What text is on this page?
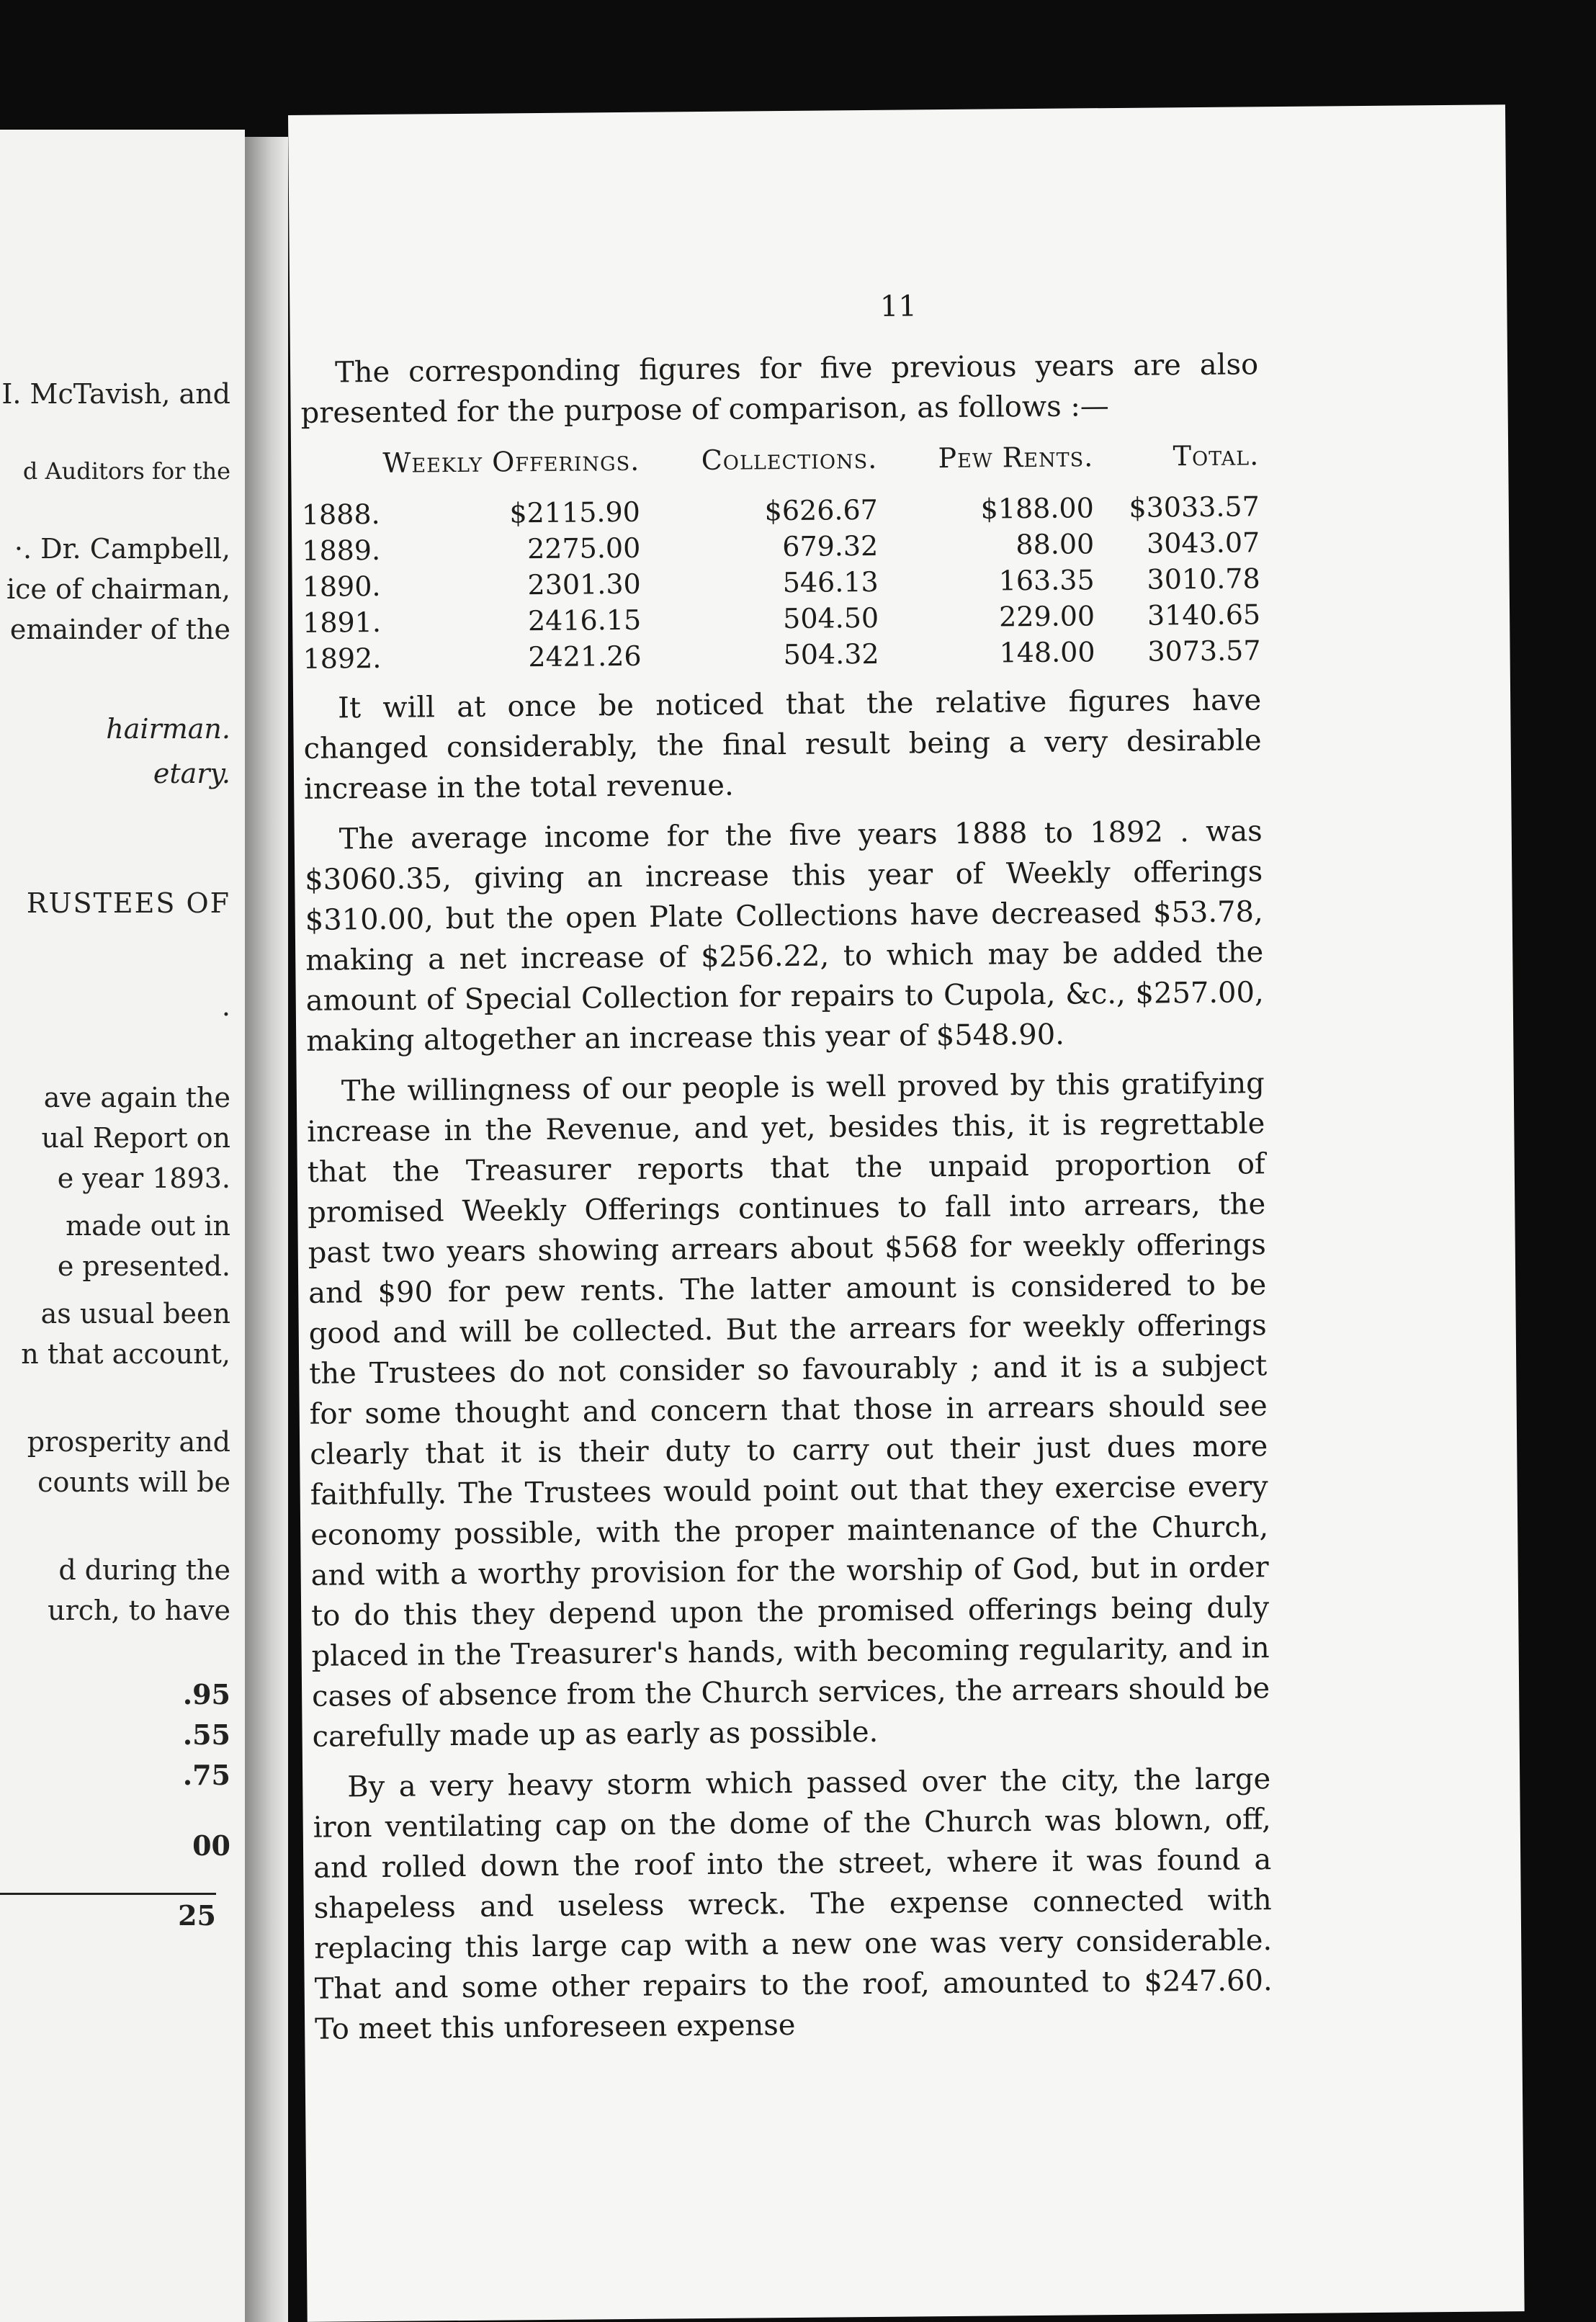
I. McTavish, and
d Auditors for the
·. Dr. Campbell,
ice of chairman,
emainder of the
hairman.
etary.
RUSTEES OF
.
ave again the
ual Report on
e year 1893.
made out in
e presented.
as usual been
n that account,
prosperity and
counts will be
d during the
urch, to have
.95
.55
.75
00
25
11

The corresponding figures for five previous years are also presented for the purpose of comparison, as follows :—

	Weekly Offerings.	Collections.	Pew Rents.	Total.
1888.	$2115.90	$626.67	$188.00	$3033.57
1889.	2275.00	679.32	88.00	3043.07
1890.	2301.30	546.13	163.35	3010.78
1891.	2416.15	504.50	229.00	3140.65
1892.	2421.26	504.32	148.00	3073.57

It will at once be noticed that the relative figures have changed considerably, the final result being a very desirable increase in the total revenue.

The average income for the five years 1888 to 1892 . was $3060.35, giving an increase this year of Weekly offerings $310.00, but the open Plate Collections have decreased $53.78, making a net increase of $256.22, to which may be added the amount of Special Collection for repairs to Cupola, &c., $257.00, making altogether an increase this year of $548.90.

The willingness of our people is well proved by this gratifying increase in the Revenue, and yet, besides this, it is regrettable that the Treasurer reports that the unpaid proportion of promised Weekly Offerings continues to fall into arrears, the past two years showing arrears about $568 for weekly offerings and $90 for pew rents. The latter amount is considered to be good and will be collected. But the arrears for weekly offerings the Trustees do not consider so favourably ; and it is a subject for some thought and concern that those in arrears should see clearly that it is their duty to carry out their just dues more faithfully. The Trustees would point out that they exercise every economy possible, with the proper maintenance of the Church, and with a worthy provision for the worship of God, but in order to do this they depend upon the promised offerings being duly placed in the Treasurer's hands, with becoming regularity, and in cases of absence from the Church services, the arrears should be carefully made up as early as possible.

By a very heavy storm which passed over the city, the large iron ventilating cap on the dome of the Church was blown, off, and rolled down the roof into the street, where it was found a shapeless and useless wreck. The expense connected with replacing this large cap with a new one was very considerable. That and some other repairs to the roof, amounted to $247.60. To meet this unforeseen expense
